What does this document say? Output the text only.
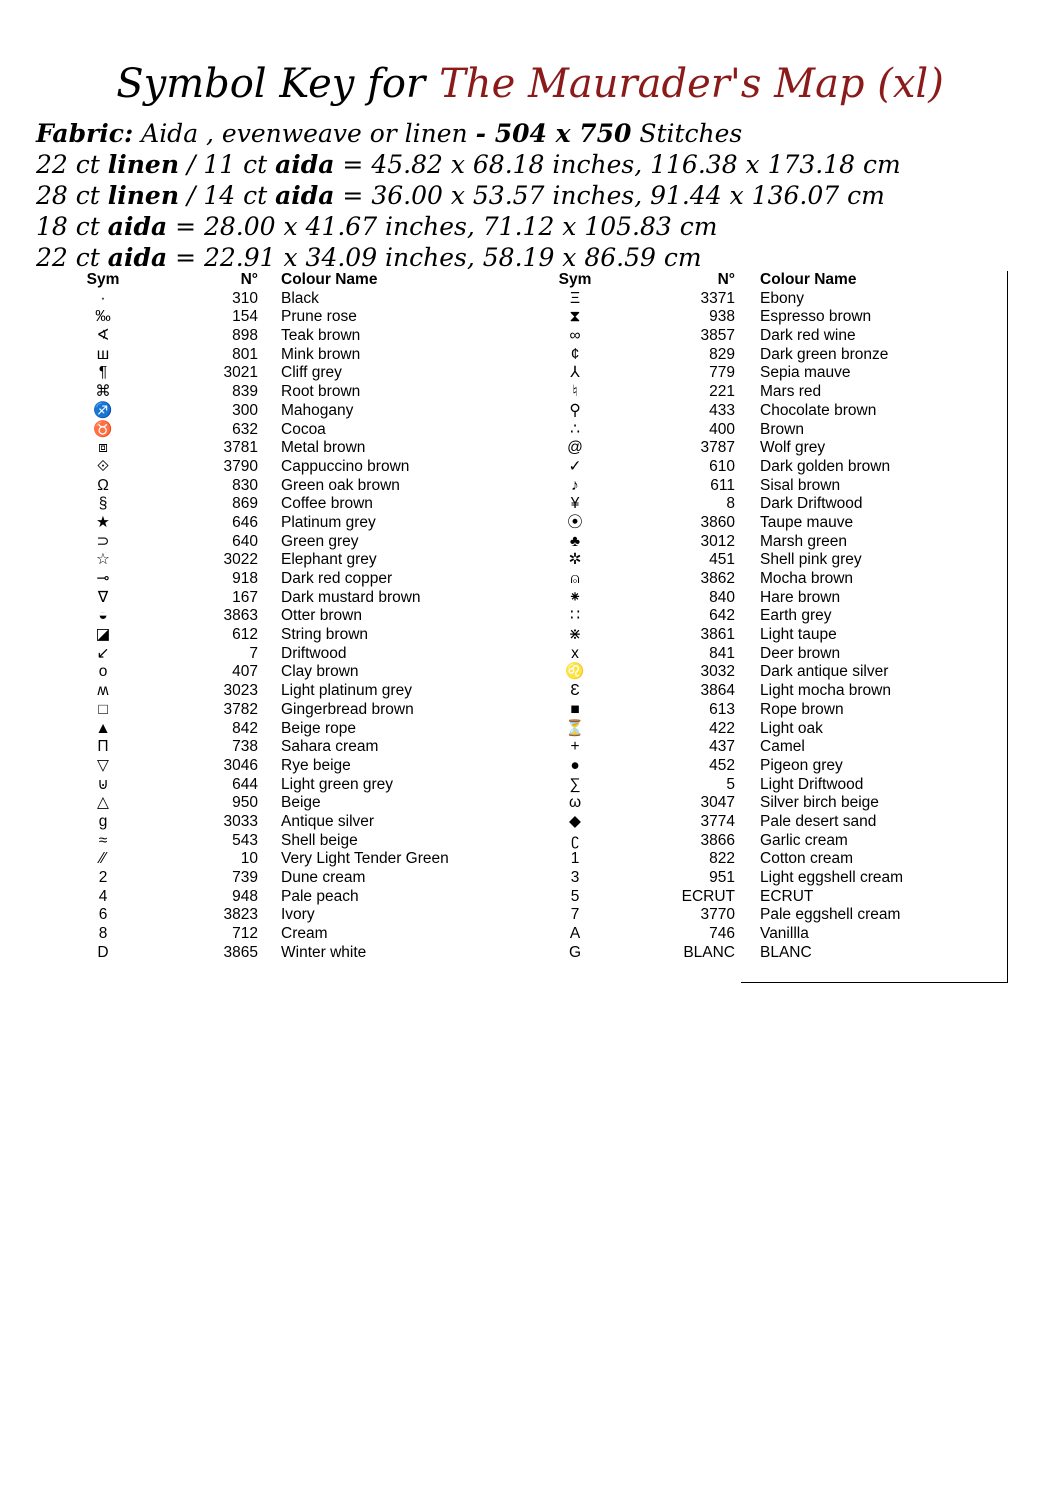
Symbol Key for The Maurader's Map (xl)
Fabric: Aida , evenweave or linen - 504 x 750 Stitches
22 ct linen / 11 ct aida = 45.82 x 68.18 inches, 116.38 x 173.18 cm
28 ct linen / 14 ct aida = 36.00 x 53.57 inches, 91.44 x 136.07 cm
18 ct aida = 28.00 x 41.67 inches, 71.12 x 105.83 cm
22 ct aida = 22.91 x 34.09 inches, 58.19 x 86.59 cm
Sym	N° Colour Name
·	310 Black
‰	154 Prune rose
∢	898 Teak brown
ш	801 Mink brown
¶	3021 Cliff grey
⌘	839 Root brown
♐	300 Mahogany
♉	632 Cocoa
⧈	3781 Metal brown
⟐	3790 Cappuccino brown
Ω	830 Green oak brown
§	869 Coffee brown
★	646 Platinum grey
⊃	640 Green grey
☆	3022 Elephant grey
⊸	918 Dark red copper
∇	167 Dark mustard brown
◒	3863 Otter brown
◪	612 String brown
↙	7 Driftwood
o	407 Clay brown
ʍ	3023 Light platinum grey
□	3782 Gingerbread brown
▲	842 Beige rope
Π	738 Sahara cream
▽	3046 Rye beige
⊍	644 Light green grey
△	950 Beige
g	3033 Antique silver
≈	543 Shell beige
⁄⁄	10 Very Light Tender Green
2	739 Dune cream
4	948 Pale peach
6	3823 Ivory
8	712 Cream
D	3865 Winter white
Sym	N° Colour Name
Ξ	3371 Ebony
⧗	938 Espresso brown
∞	3857 Dark red wine
¢	829 Dark green bronze
⅄	779 Sepia mauve
♮	221 Mars red
⚲	433 Chocolate brown
∴	400 Brown
@	3787 Wolf grey
✓	610 Dark golden brown
♪	611 Sisal brown
¥	8 Dark Driftwood
⦿	3860 Taupe mauve
♣	3012 Marsh green
✲	451 Shell pink grey
⍝	3862 Mocha brown
⁕	840 Hare brown
∷	642 Earth grey
⋇	3861 Light taupe
x	841 Deer brown
♌	3032 Dark antique silver
Ɛ	3864 Light mocha brown
■	613 Rope brown
⏳	422 Light oak
+	437 Camel
●	452 Pigeon grey
∑	5 Light Driftwood
ω	3047 Silver birch beige
◆	3774 Pale desert sand
ʗ	3866 Garlic cream
1	822 Cotton cream
3	951 Light eggshell cream
5	ECRUT ECRUT
7	3770 Pale eggshell cream
A	746 Vanillla
G	BLANC BLANC
